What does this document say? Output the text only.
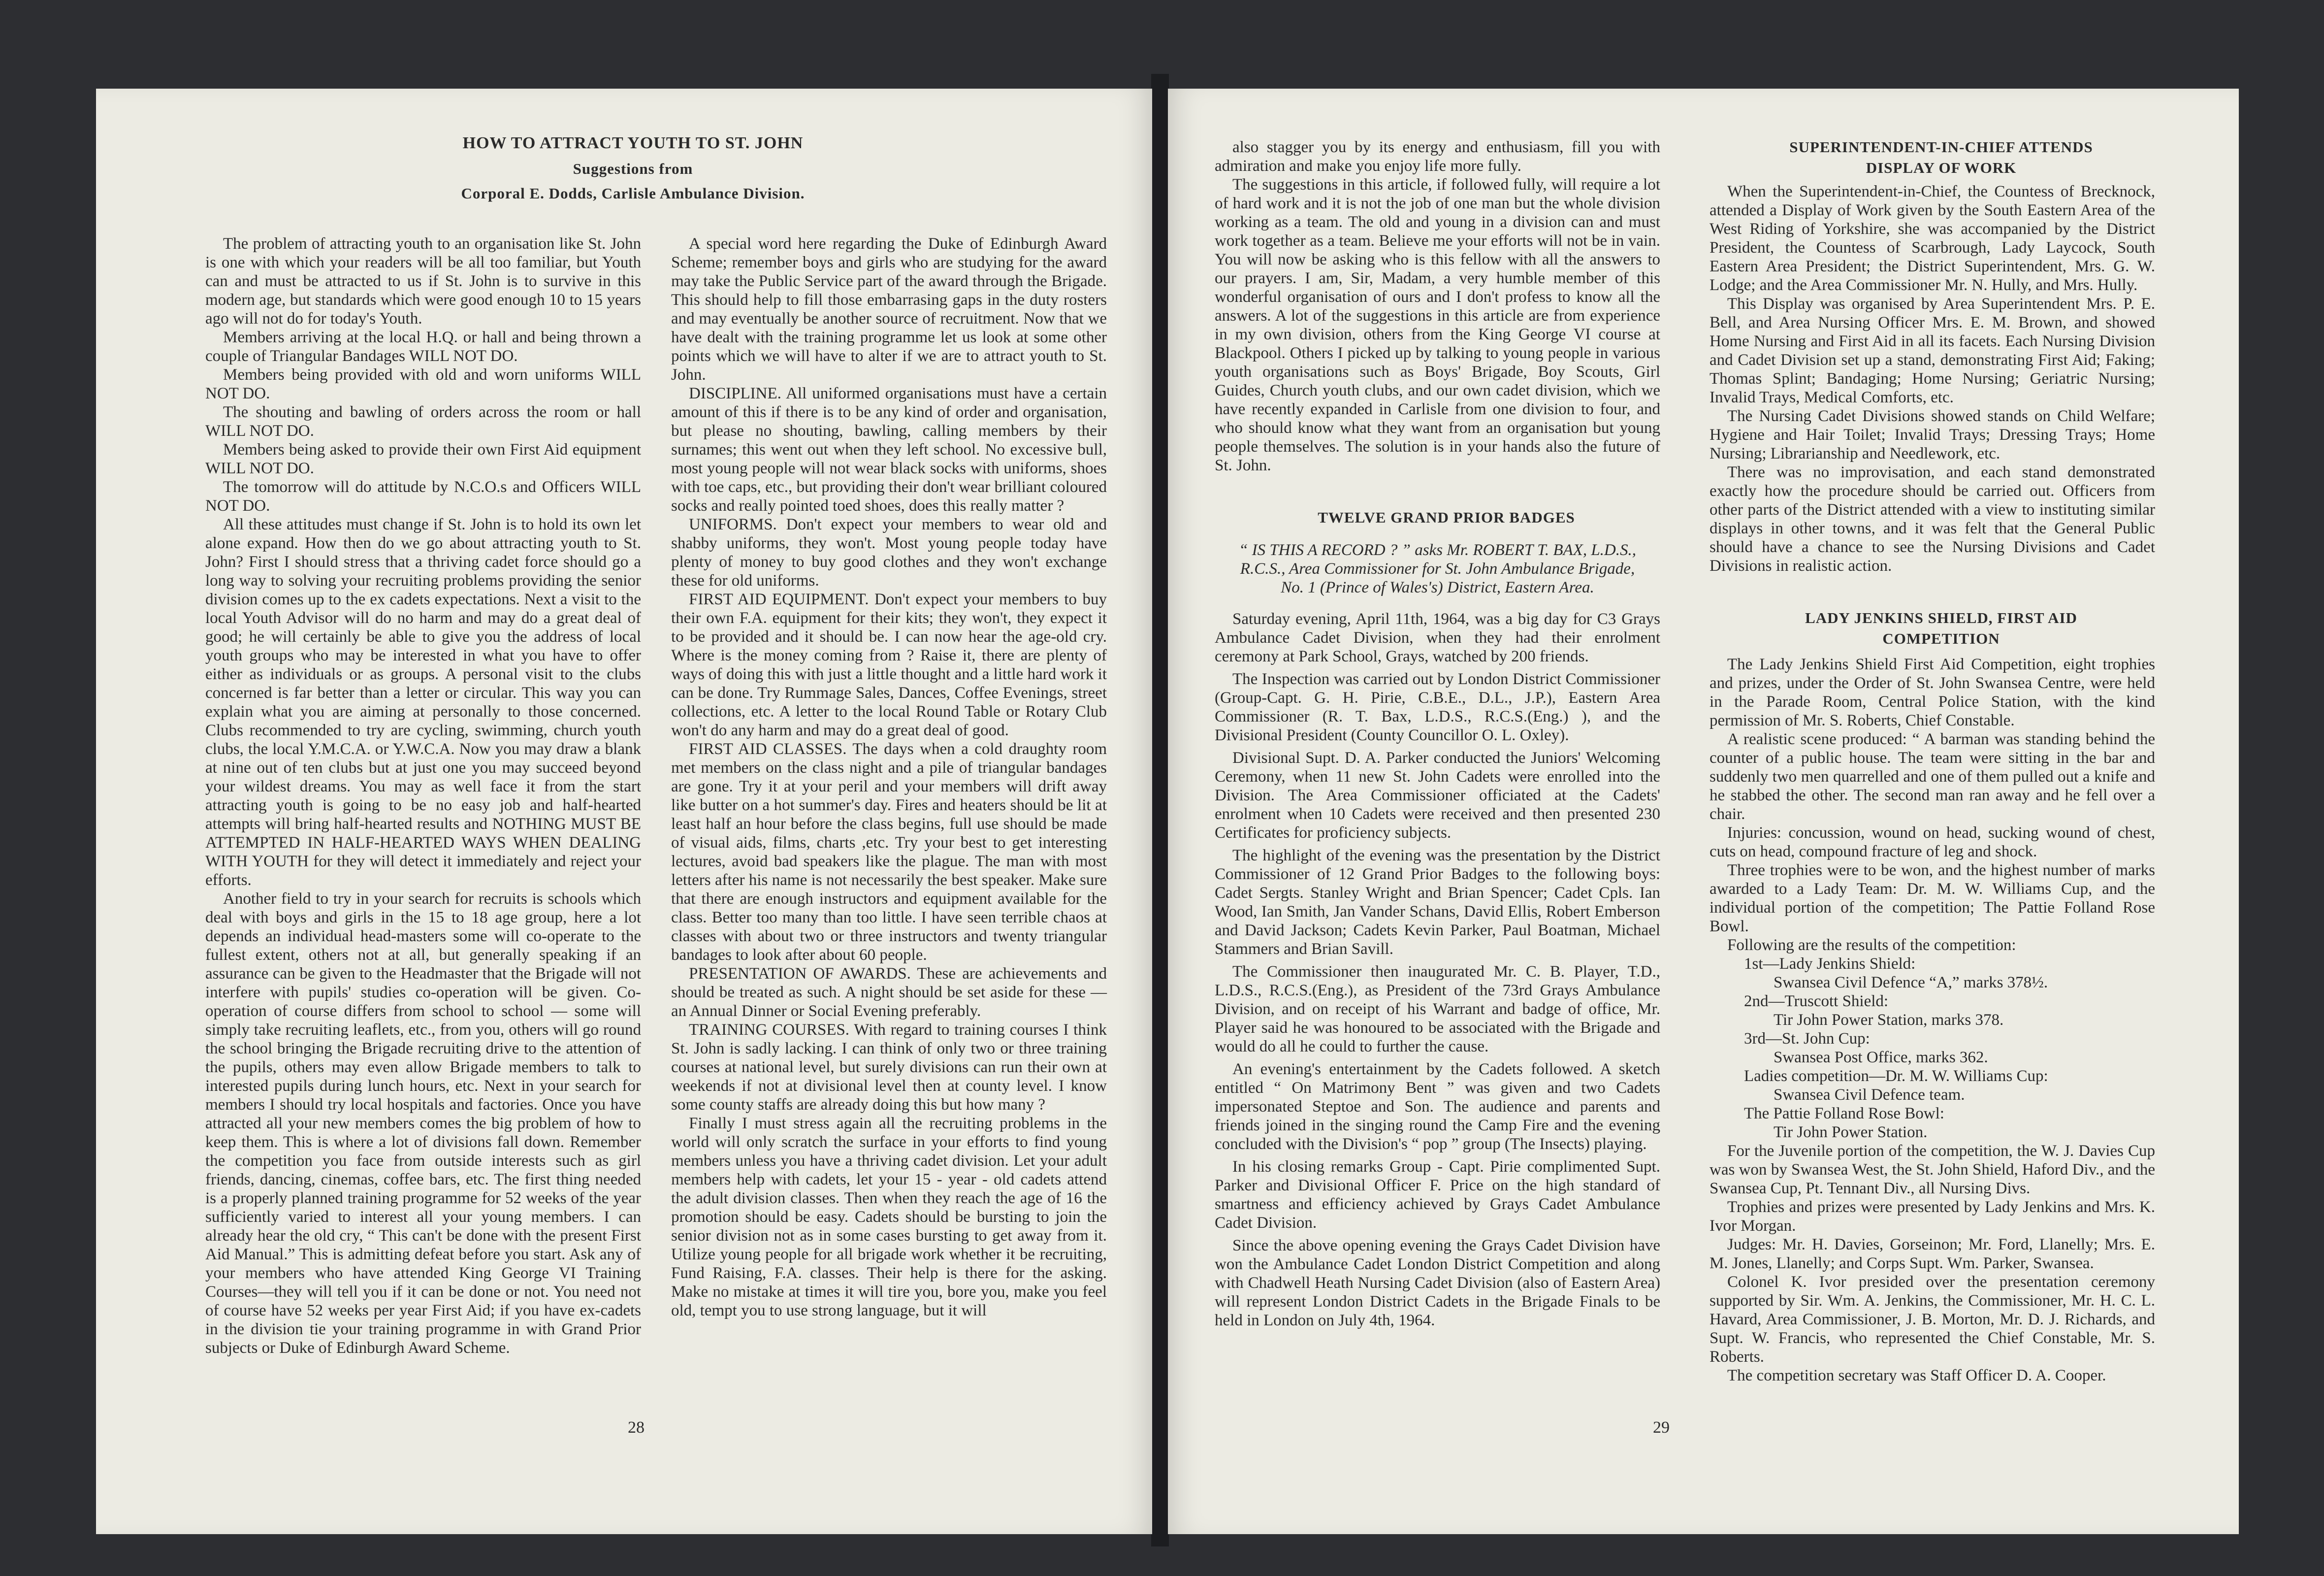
HOW TO ATTRACT YOUTH TO ST. JOHN

Suggestions from

Corporal E. Dodds, Carlisle Ambulance Division.

The problem of attracting youth to an organisation like St. John is one with which your readers will be all too familiar, but Youth can and must be attracted to us if St. John is to survive in this modern age, but standards which were good enough 10 to 15 years ago will not do for today's Youth.

Members arriving at the local H.Q. or hall and being thrown a couple of Triangular Bandages WILL NOT DO.

Members being provided with old and worn uniforms WILL NOT DO.

The shouting and bawling of orders across the room or hall WILL NOT DO.

Members being asked to provide their own First Aid equipment WILL NOT DO.

The tomorrow will do attitude by N.C.O.s and Officers WILL NOT DO.

All these attitudes must change if St. John is to hold its own let alone expand. How then do we go about attracting youth to St. John? First I should stress that a thriving cadet force should go a long way to solving your recruiting problems providing the senior division comes up to the ex cadets expectations. Next a visit to the local Youth Advisor will do no harm and may do a great deal of good; he will certainly be able to give you the address of local youth groups who may be interested in what you have to offer either as individuals or as groups. A personal visit to the clubs concerned is far better than a letter or circular. This way you can explain what you are aiming at personally to those concerned. Clubs recommended to try are cycling, swimming, church youth clubs, the local Y.M.C.A. or Y.W.C.A. Now you may draw a blank at nine out of ten clubs but at just one you may succeed beyond your wildest dreams. You may as well face it from the start attracting youth is going to be no easy job and half-hearted attempts will bring half-hearted results and NOTHING MUST BE ATTEMPTED IN HALF-HEARTED WAYS WHEN DEALING WITH YOUTH for they will detect it immediately and reject your efforts.

Another field to try in your search for recruits is schools which deal with boys and girls in the 15 to 18 age group, here a lot depends an individual head-masters some will co-operate to the fullest extent, others not at all, but generally speaking if an assurance can be given to the Headmaster that the Brigade will not interfere with pupils' studies co-operation will be given. Co-operation of course differs from school to school — some will simply take recruiting leaflets, etc., from you, others will go round the school bringing the Brigade recruiting drive to the attention of the pupils, others may even allow Brigade members to talk to interested pupils during lunch hours, etc. Next in your search for members I should try local hospitals and factories. Once you have attracted all your new members comes the big problem of how to keep them. This is where a lot of divisions fall down. Remember the competition you face from outside interests such as girl friends, dancing, cinemas, coffee bars, etc. The first thing needed is a properly planned training programme for 52 weeks of the year sufficiently varied to interest all your young members. I can already hear the old cry, “ This can't be done with the present First Aid Manual.” This is admitting defeat before you start. Ask any of your members who have attended King George VI Training Courses—they will tell you if it can be done or not. You need not of course have 52 weeks per year First Aid; if you have ex-cadets in the division tie your training programme in with Grand Prior subjects or Duke of Edinburgh Award Scheme.

A special word here regarding the Duke of Edinburgh Award Scheme; remember boys and girls who are studying for the award may take the Public Service part of the award through the Brigade. This should help to fill those embarrasing gaps in the duty rosters and may eventually be another source of recruitment. Now that we have dealt with the training programme let us look at some other points which we will have to alter if we are to attract youth to St. John.

DISCIPLINE. All uniformed organisations must have a certain amount of this if there is to be any kind of order and organisation, but please no shouting, bawling, calling members by their surnames; this went out when they left school. No excessive bull, most young people will not wear black socks with uniforms, shoes with toe caps, etc., but providing their don't wear brilliant coloured socks and really pointed toed shoes, does this really matter ?

UNIFORMS. Don't expect your members to wear old and shabby uniforms, they won't. Most young people today have plenty of money to buy good clothes and they won't exchange these for old uniforms.

FIRST AID EQUIPMENT. Don't expect your members to buy their own F.A. equipment for their kits; they won't, they expect it to be provided and it should be. I can now hear the age-old cry. Where is the money coming from ? Raise it, there are plenty of ways of doing this with just a little thought and a little hard work it can be done. Try Rummage Sales, Dances, Coffee Evenings, street collections, etc. A letter to the local Round Table or Rotary Club won't do any harm and may do a great deal of good.

FIRST AID CLASSES. The days when a cold draughty room met members on the class night and a pile of triangular bandages are gone. Try it at your peril and your members will drift away like butter on a hot summer's day. Fires and heaters should be lit at least half an hour before the class begins, full use should be made of visual aids, films, charts ,etc. Try your best to get interesting lectures, avoid bad speakers like the plague. The man with most letters after his name is not necessarily the best speaker. Make sure that there are enough instructors and equipment available for the class. Better too many than too little. I have seen terrible chaos at classes with about two or three instructors and twenty triangular bandages to look after about 60 people.

PRESENTATION OF AWARDS. These are achievements and should be treated as such. A night should be set aside for these — an Annual Dinner or Social Evening preferably.

TRAINING COURSES. With regard to training courses I think St. John is sadly lacking. I can think of only two or three training courses at national level, but surely divisions can run their own at weekends if not at divisional level then at county level. I know some county staffs are already doing this but how many ?

Finally I must stress again all the recruiting problems in the world will only scratch the surface in your efforts to find young members unless you have a thriving cadet division. Let your adult members help with cadets, let your 15 - year - old cadets attend the adult division classes. Then when they reach the age of 16 the promotion should be easy. Cadets should be bursting to join the senior division not as in some cases bursting to get away from it. Utilize young people for all brigade work whether it be recruiting, Fund Raising, F.A. classes. Their help is there for the asking. Make no mistake at times it will tire you, bore you, make you feel old, tempt you to use strong language, but it will

28

also stagger you by its energy and enthusiasm, fill you with admiration and make you enjoy life more fully.

The suggestions in this article, if followed fully, will require a lot of hard work and it is not the job of one man but the whole division working as a team. The old and young in a division can and must work together as a team. Believe me your efforts will not be in vain. You will now be asking who is this fellow with all the answers to our prayers. I am, Sir, Madam, a very humble member of this wonderful organisation of ours and I don't profess to know all the answers. A lot of the suggestions in this article are from experience in my own division, others from the King George VI course at Blackpool. Others I picked up by talking to young people in various youth organisations such as Boys' Brigade, Boy Scouts, Girl Guides, Church youth clubs, and our own cadet division, which we have recently expanded in Carlisle from one division to four, and who should know what they want from an organisation but young people themselves. The solution is in your hands also the future of St. John.

TWELVE GRAND PRIOR BADGES

“ IS THIS A RECORD ? ” asks Mr. ROBERT T. BAX, L.D.S., R.C.S., Area Commissioner for St. John Ambulance Brigade, No. 1 (Prince of Wales's) District, Eastern Area.

Saturday evening, April 11th, 1964, was a big day for C3 Grays Ambulance Cadet Division, when they had their enrolment ceremony at Park School, Grays, watched by 200 friends.

The Inspection was carried out by London District Commissioner (Group-Capt. G. H. Pirie, C.B.E., D.L., J.P.), Eastern Area Commissioner (R. T. Bax, L.D.S., R.C.S.(Eng.) ), and the Divisional President (County Councillor O. L. Oxley).

Divisional Supt. D. A. Parker conducted the Juniors' Welcoming Ceremony, when 11 new St. John Cadets were enrolled into the Division. The Area Commissioner officiated at the Cadets' enrolment when 10 Cadets were received and then presented 230 Certificates for proficiency subjects.

The highlight of the evening was the presentation by the District Commissioner of 12 Grand Prior Badges to the following boys: Cadet Sergts. Stanley Wright and Brian Spencer; Cadet Cpls. Ian Wood, Ian Smith, Jan Vander Schans, David Ellis, Robert Emberson and David Jackson; Cadets Kevin Parker, Paul Boatman, Michael Stammers and Brian Savill.

The Commissioner then inaugurated Mr. C. B. Player, T.D., L.D.S., R.C.S.(Eng.), as President of the 73rd Grays Ambulance Division, and on receipt of his Warrant and badge of office, Mr. Player said he was honoured to be associated with the Brigade and would do all he could to further the cause.

An evening's entertainment by the Cadets followed. A sketch entitled “ On Matrimony Bent ” was given and two Cadets impersonated Steptoe and Son. The audience and parents and friends joined in the singing round the Camp Fire and the evening concluded with the Division's “ pop ” group (The Insects) playing.

In his closing remarks Group - Capt. Pirie complimented Supt. Parker and Divisional Officer F. Price on the high standard of smartness and efficiency achieved by Grays Cadet Ambulance Cadet Division.

Since the above opening evening the Grays Cadet Division have won the Ambulance Cadet London District Competition and along with Chadwell Heath Nursing Cadet Division (also of Eastern Area) will represent London District Cadets in the Brigade Finals to be held in London on July 4th, 1964.

SUPERINTENDENT-IN-CHIEF ATTENDS

DISPLAY OF WORK

When the Superintendent-in-Chief, the Countess of Brecknock, attended a Display of Work given by the South Eastern Area of the West Riding of Yorkshire, she was accompanied by the District President, the Countess of Scarbrough, Lady Laycock, South Eastern Area President; the District Superintendent, Mrs. G. W. Lodge; and the Area Commissioner Mr. N. Hully, and Mrs. Hully.

This Display was organised by Area Superintendent Mrs. P. E. Bell, and Area Nursing Officer Mrs. E. M. Brown, and showed Home Nursing and First Aid in all its facets. Each Nursing Division and Cadet Division set up a stand, demonstrating First Aid; Faking; Thomas Splint; Bandaging; Home Nursing; Geriatric Nursing; Invalid Trays, Medical Comforts, etc.

The Nursing Cadet Divisions showed stands on Child Welfare; Hygiene and Hair Toilet; Invalid Trays; Dressing Trays; Home Nursing; Librarianship and Needlework, etc.

There was no improvisation, and each stand demonstrated exactly how the procedure should be carried out. Officers from other parts of the District attended with a view to instituting similar displays in other towns, and it was felt that the General Public should have a chance to see the Nursing Divisions and Cadet Divisions in realistic action.

LADY JENKINS SHIELD, FIRST AID

COMPETITION

The Lady Jenkins Shield First Aid Competition, eight trophies and prizes, under the Order of St. John Swansea Centre, were held in the Parade Room, Central Police Station, with the kind permission of Mr. S. Roberts, Chief Constable.

A realistic scene produced: “ A barman was standing behind the counter of a public house. The team were sitting in the bar and suddenly two men quarrelled and one of them pulled out a knife and he stabbed the other. The second man ran away and he fell over a chair.

Injuries: concussion, wound on head, sucking wound of chest, cuts on head, compound fracture of leg and shock.

Three trophies were to be won, and the highest number of marks awarded to a Lady Team: Dr. M. W. Williams Cup, and the individual portion of the competition; The Pattie Folland Rose Bowl.

Following are the results of the competition:

1st—Lady Jenkins Shield:

Swansea Civil Defence “A,” marks 378½.

2nd—Truscott Shield:

Tir John Power Station, marks 378.

3rd—St. John Cup:

Swansea Post Office, marks 362.

Ladies competition—Dr. M. W. Williams Cup:

Swansea Civil Defence team.

The Pattie Folland Rose Bowl:

Tir John Power Station.

For the Juvenile portion of the competition, the W. J. Davies Cup was won by Swansea West, the St. John Shield, Haford Div., and the Swansea Cup, Pt. Tennant Div., all Nursing Divs.

Trophies and prizes were presented by Lady Jenkins and Mrs. K. Ivor Morgan.

Judges: Mr. H. Davies, Gorseinon; Mr. Ford, Llanelly; Mrs. E. M. Jones, Llanelly; and Corps Supt. Wm. Parker, Swansea.

Colonel K. Ivor presided over the presentation ceremony supported by Sir. Wm. A. Jenkins, the Commissioner, Mr. H. C. L. Havard, Area Commissioner, J. B. Morton, Mr. D. J. Richards, and Supt. W. Francis, who represented the Chief Constable, Mr. S. Roberts.

The competition secretary was Staff Officer D. A. Cooper.

29
